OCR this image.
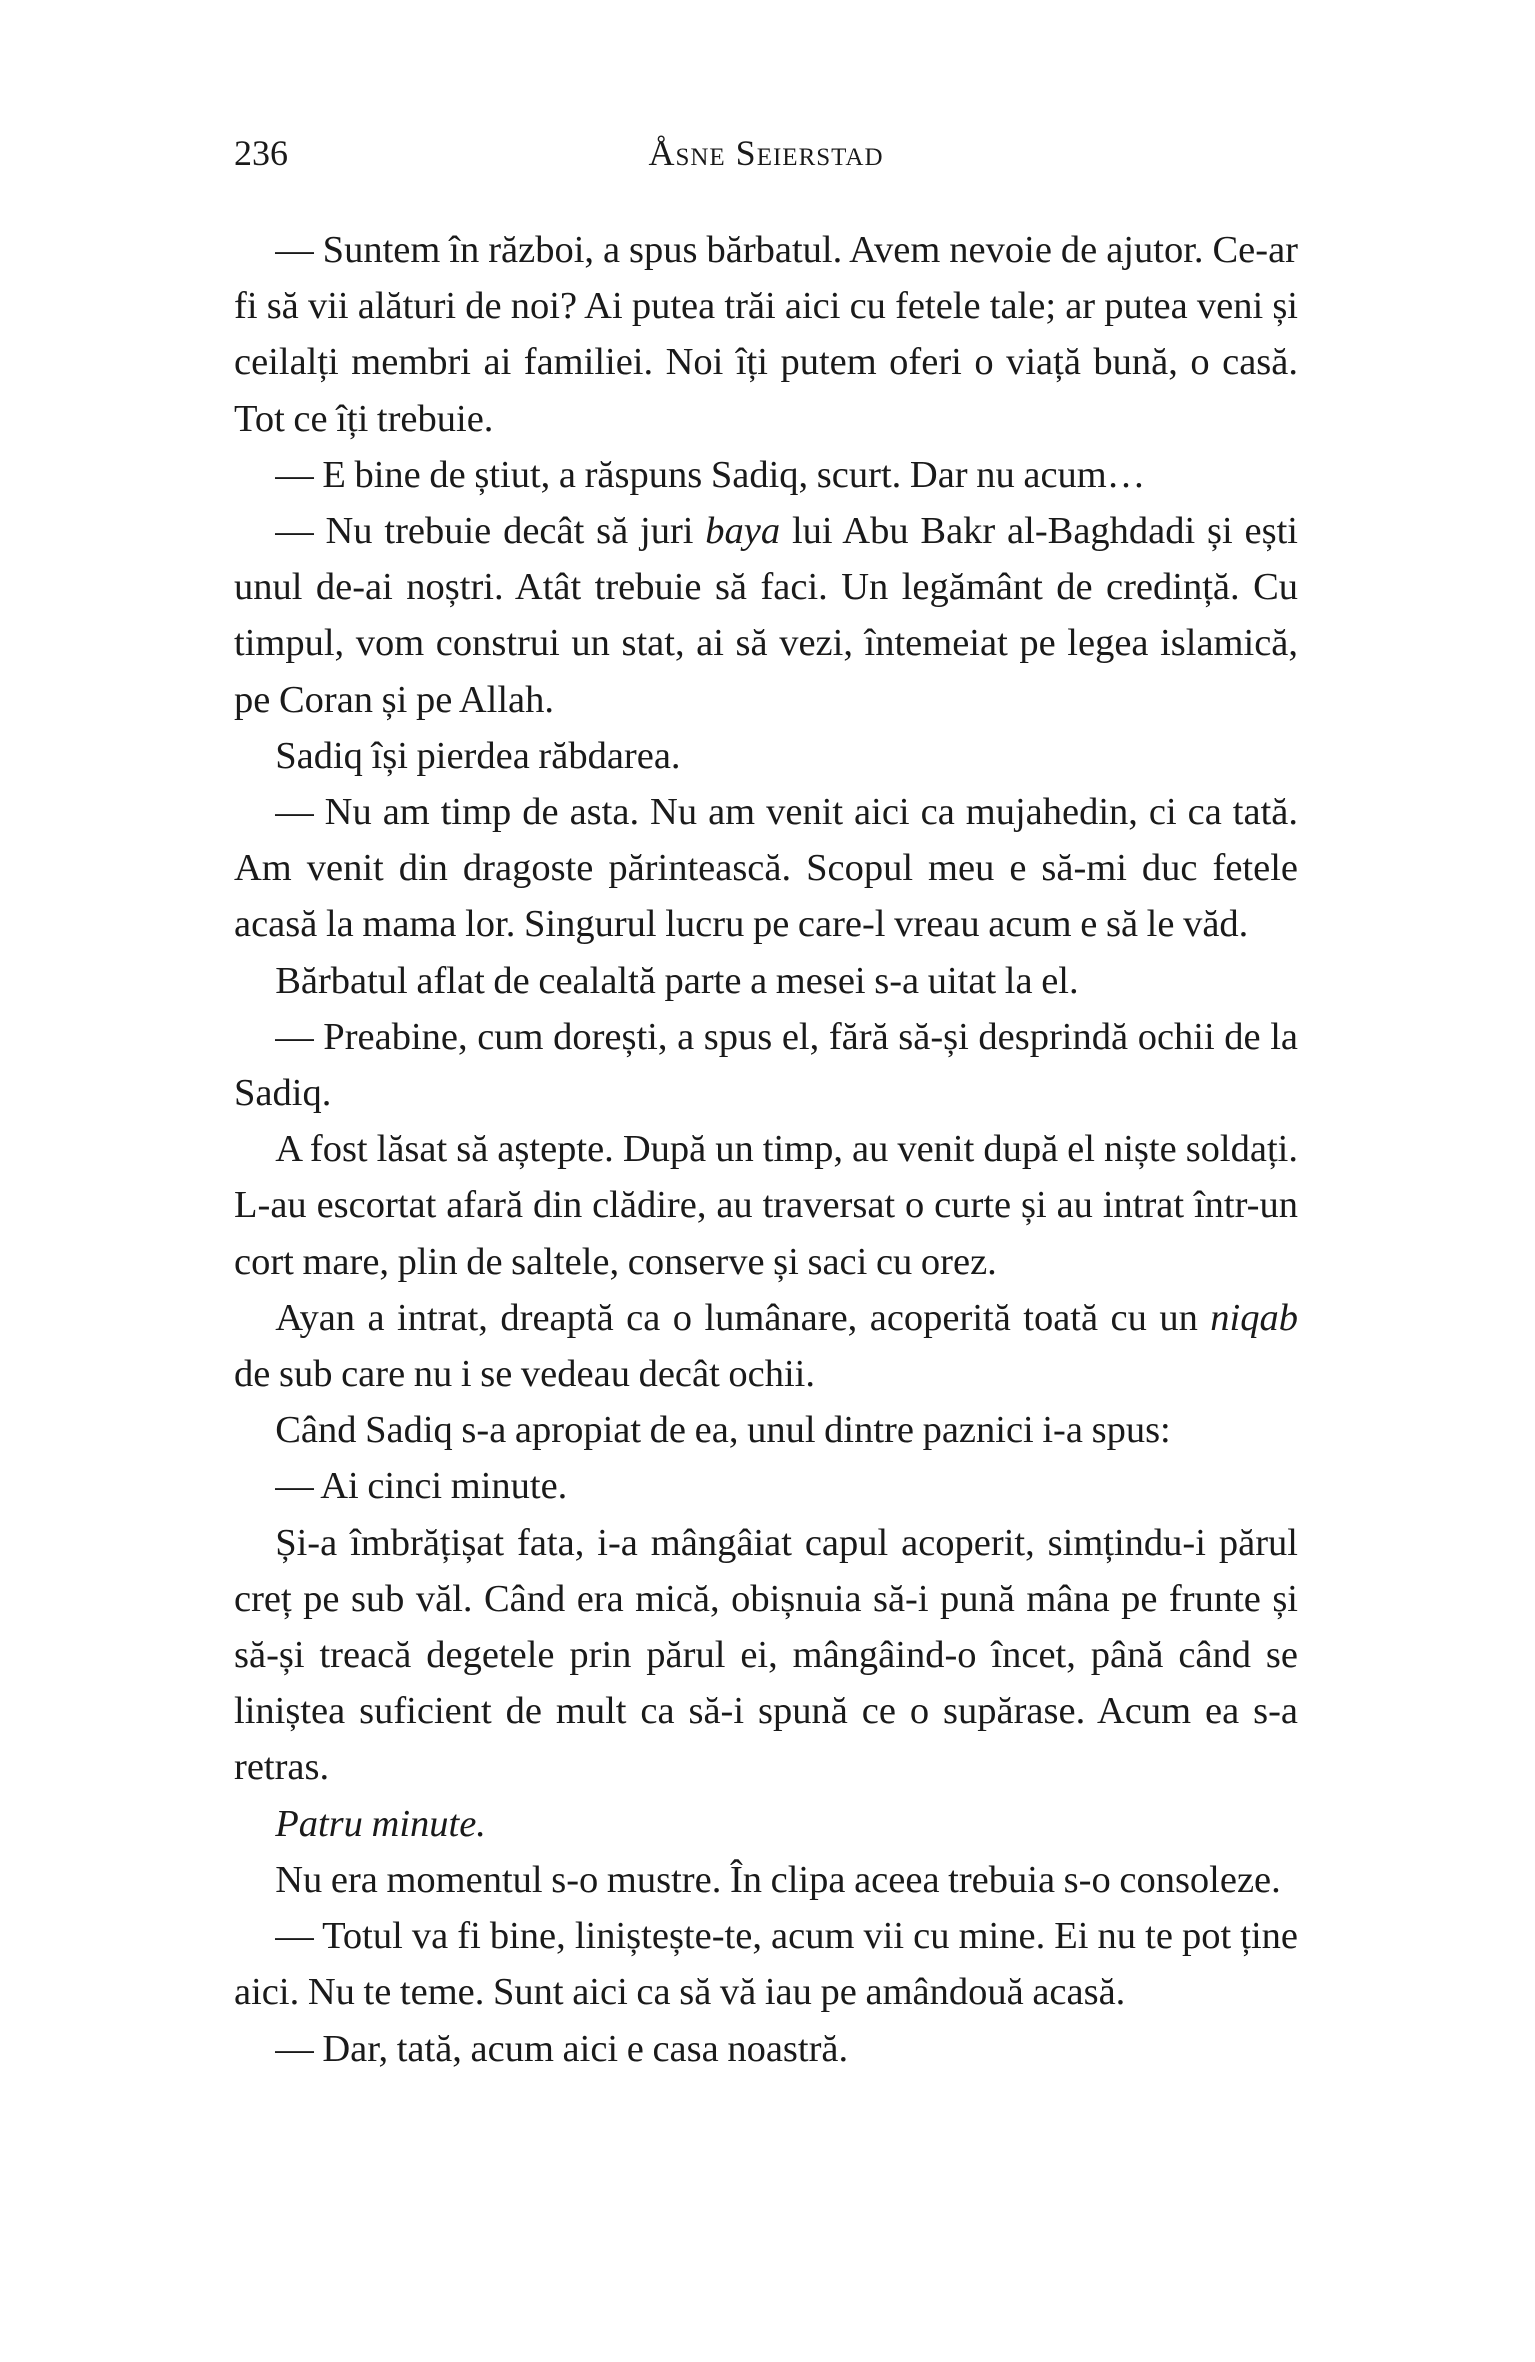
236	Åsne Seierstad

— Suntem în război, a spus bărbatul. Avem nevoie de ajutor. Ce-ar fi să vii alături de noi? Ai putea trăi aici cu fetele tale; ar putea veni și ceilalți membri ai familiei. Noi îți putem oferi o viață bună, o casă. Tot ce îți trebuie.

— E bine de știut, a răspuns Sadiq, scurt. Dar nu acum…

— Nu trebuie decât să juri baya lui Abu Bakr al-Baghdadi și ești unul de-ai noștri. Atât trebuie să faci. Un legământ de credință. Cu timpul, vom construi un stat, ai să vezi, întemeiat pe legea islamică, pe Coran și pe Allah.

Sadiq își pierdea răbdarea.

— Nu am timp de asta. Nu am venit aici ca mujahedin, ci ca tată. Am venit din dragoste părintească. Scopul meu e să-mi duc fetele acasă la mama lor. Singurul lucru pe care-l vreau acum e să le văd.

Bărbatul aflat de cealaltă parte a mesei s-a uitat la el.

— Preabine, cum dorești, a spus el, fără să-și desprindă ochii de la Sadiq.

A fost lăsat să aștepte. După un timp, au venit după el niște soldați. L-au escortat afară din clădire, au traversat o curte și au intrat într-un cort mare, plin de saltele, conserve și saci cu orez.

Ayan a intrat, dreaptă ca o lumânare, acoperită toată cu un niqab de sub care nu i se vedeau decât ochii.

Când Sadiq s-a apropiat de ea, unul dintre paznici i-a spus:

— Ai cinci minute.

Și-a îmbrățișat fata, i-a mângâiat capul acoperit, simțindu-i părul creț pe sub văl. Când era mică, obișnuia să-i pună mâna pe frunte și să-și treacă degetele prin părul ei, mângâind-o încet, până când se liniștea suficient de mult ca să-i spună ce o supărase. Acum ea s-a retras.

Patru minute.

Nu era momentul s-o mustre. În clipa aceea trebuia s-o consoleze.

— Totul va fi bine, liniștește-te, acum vii cu mine. Ei nu te pot ține aici. Nu te teme. Sunt aici ca să vă iau pe amândouă acasă.

— Dar, tată, acum aici e casa noastră.
